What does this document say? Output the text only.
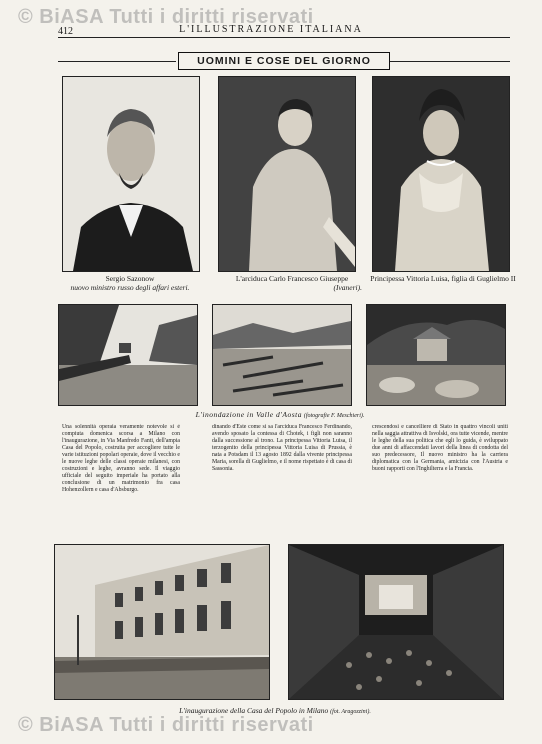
© BiASA Tutti i diritti riservati
412	L'ILLUSTRAZIONE ITALIANA
UOMINI E COSE DEL GIORNO
Sergio Sazonow
nuovo ministro russo degli affari esteri.
L'arciduca Carlo Francesco Giuseppe
(Ivaneri).
Principessa Vittoria Luisa, figlia di Guglielmo II
L'inondazione in Valle d'Aosta (fotografie F. Meschieri).
Una solennità operaia veramente notevole si è compiuta domenica scorsa a Milano con l'inaugurazione, in Via Manfredo Fanti, dell'ampia Casa del Popolo, costruita per accogliere tutte le varie istituzioni popolari operaie, dove il vecchio e le nuove leghe delle classi operaie milanesi, con costruzioni e leghe, avranno sede. Il viaggio ufficiale del seguito imperiale ha portato alla conclusione di un matrimonio fra casa Hohenzollern e casa d'Absburgo.
dinando d'Este come si sa l'arciduca Francesco Ferdinando, avendo sposato la contessa di Chotek, i figli non saranno dalla successione al trono. La principessa Vittoria Luisa, il terzogenito della principessa Vittoria Luisa di Prussia, è nata a Potsdam il 13 agosto 1892 dalla vivente principessa Maria, sorella di Guglielmo, e il nome rispettato è di casa di Sassonia.
crescendosi e cancelliere di Stato in quattro vincoli uniti nella saggia attrattiva di Isvolski, ora tutte vicende, mentre le leghe della sua politica che egli lo guida, è sviluppato due anni di affaccendati lavori della linea di condotta del suo predecessore, Il nuovo ministro ha la carriera diplomatica con la Germania, amicizia con l'Austria e buoni rapporti con l'Inghilterra e la Francia.
L'inaugurazione della Casa del Popolo in Milano (fot. Aragozzini).
© BiASA Tutti i diritti riservati
